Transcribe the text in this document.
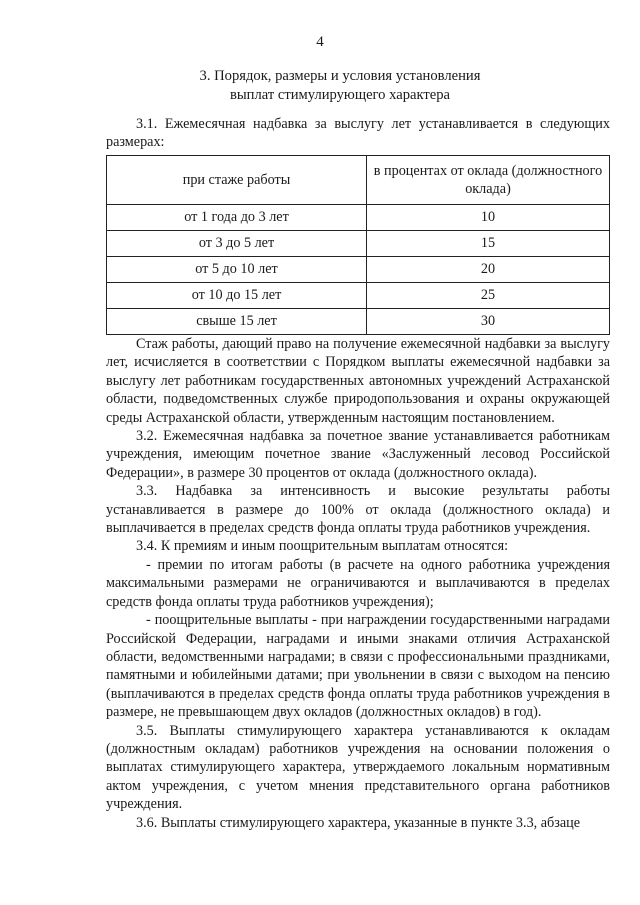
4
3. Порядок, размеры и условия установления
выплат стимулирующего характера
3.1. Ежемесячная надбавка за выслугу лет устанавливается в следующих размерах:
при стаже работы	в процентах от оклада (должностного оклада)
от 1 года до 3 лет	10
от 3 до 5 лет	15
от 5 до 10 лет	20
от 10 до 15 лет	25
свыше 15 лет	30

Стаж работы, дающий право на получение ежемесячной надбавки за выслугу лет, исчисляется в соответствии с Порядком выплаты ежемесячной надбавки за выслугу лет работникам государственных автономных учреждений Астраханской области, подведомственных службе природопользования и охраны окружающей среды Астраханской области, утвержденным настоящим постановлением.

3.2. Ежемесячная надбавка за почетное звание устанавливается работникам учреждения, имеющим почетное звание «Заслуженный лесовод Российской Федерации», в размере 30 процентов от оклада (должностного оклада).

3.3. Надбавка за интенсивность и высокие результаты работы устанавливается в размере до 100% от оклада (должностного оклада) и выплачивается в пределах средств фонда оплаты труда работников учреждения.

3.4. К премиям и иным поощрительным выплатам относятся:

- премии по итогам работы (в расчете на одного работника учреждения максимальными размерами не ограничиваются и выплачиваются в пределах средств фонда оплаты труда работников учреждения);

- поощрительные выплаты - при награждении государственными наградами Российской Федерации, наградами и иными знаками отличия Астраханской области, ведомственными наградами; в связи с профессиональными праздниками, памятными и юбилейными датами; при увольнении в связи с выходом на пенсию (выплачиваются в пределах средств фонда оплаты труда работников учреждения в размере, не превышающем двух окладов (должностных окладов) в год).

3.5. Выплаты стимулирующего характера устанавливаются к окладам (должностным окладам) работников учреждения на основании положения о выплатах стимулирующего характера, утверждаемого локальным нормативным актом учреждения, с учетом мнения представительного органа работников учреждения.

3.6. Выплаты стимулирующего характера, указанные в пункте 3.3, абзаце
